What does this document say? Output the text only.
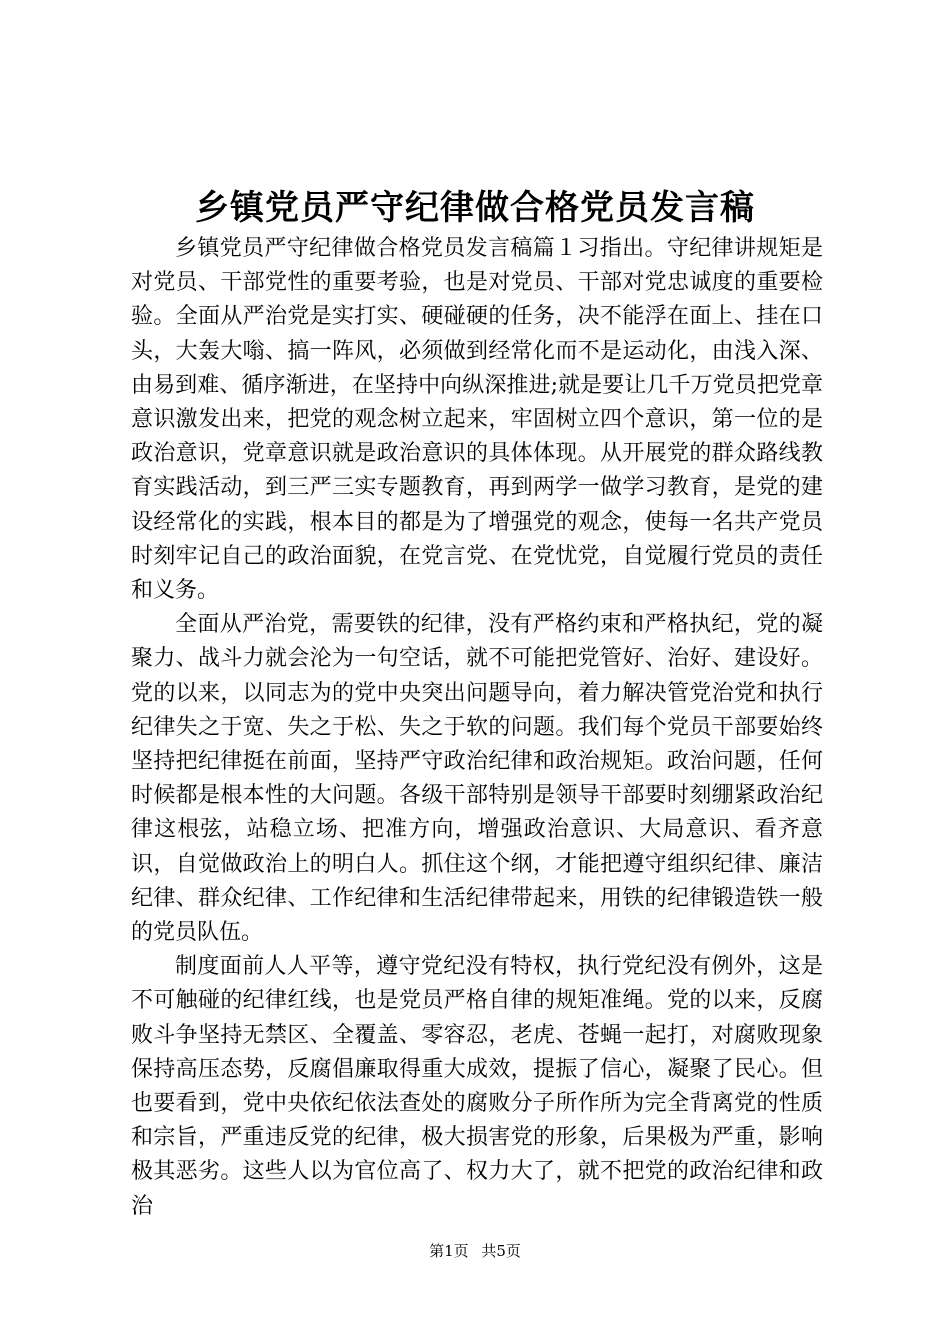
乡镇党员严守纪律做合格党员发言稿

乡镇党员严守纪律做合格党员发言稿篇１习指出。守纪律讲规矩是对党员、干部党性的重要考验，也是对党员、干部对党忠诚度的重要检验。全面从严治党是实打实、硬碰硬的任务，决不能浮在面上、挂在口头，大轰大嗡、搞一阵风，必须做到经常化而不是运动化，由浅入深、由易到难、循序渐进，在坚持中向纵深推进;就是要让几千万党员把党章意识激发出来，把党的观念树立起来，牢固树立四个意识，第一位的是政治意识，党章意识就是政治意识的具体体现。从开展党的群众路线教育实践活动，到三严三实专题教育，再到两学一做学习教育，是党的建设经常化的实践，根本目的都是为了增强党的观念，使每一名共产党员时刻牢记自己的政治面貌，在党言党、在党忧党，自觉履行党员的责任和义务。

全面从严治党，需要铁的纪律，没有严格约束和严格执纪，党的凝聚力、战斗力就会沦为一句空话，就不可能把党管好、治好、建设好。党的以来，以同志为的党中央突出问题导向，着力解决管党治党和执行纪律失之于宽、失之于松、失之于软的问题。我们每个党员干部要始终坚持把纪律挺在前面，坚持严守政治纪律和政治规矩。政治问题，任何时候都是根本性的大问题。各级干部特别是领导干部要时刻绷紧政治纪律这根弦，站稳立场、把准方向，增强政治意识、大局意识、看齐意识，自觉做政治上的明白人。抓住这个纲，才能把遵守组织纪律、廉洁纪律、群众纪律、工作纪律和生活纪律带起来，用铁的纪律锻造铁一般的党员队伍。

制度面前人人平等，遵守党纪没有特权，执行党纪没有例外，这是不可触碰的纪律红线，也是党员严格自律的规矩准绳。党的以来，反腐败斗争坚持无禁区、全覆盖、零容忍，老虎、苍蝇一起打，对腐败现象保持高压态势，反腐倡廉取得重大成效，提振了信心，凝聚了民心。但也要看到，党中央依纪依法查处的腐败分子所作所为完全背离党的性质和宗旨，严重违反党的纪律，极大损害党的形象，后果极为严重，影响极其恶劣。这些人以为官位高了、权力大了，就不把党的政治纪律和政治

第1页 共5页
